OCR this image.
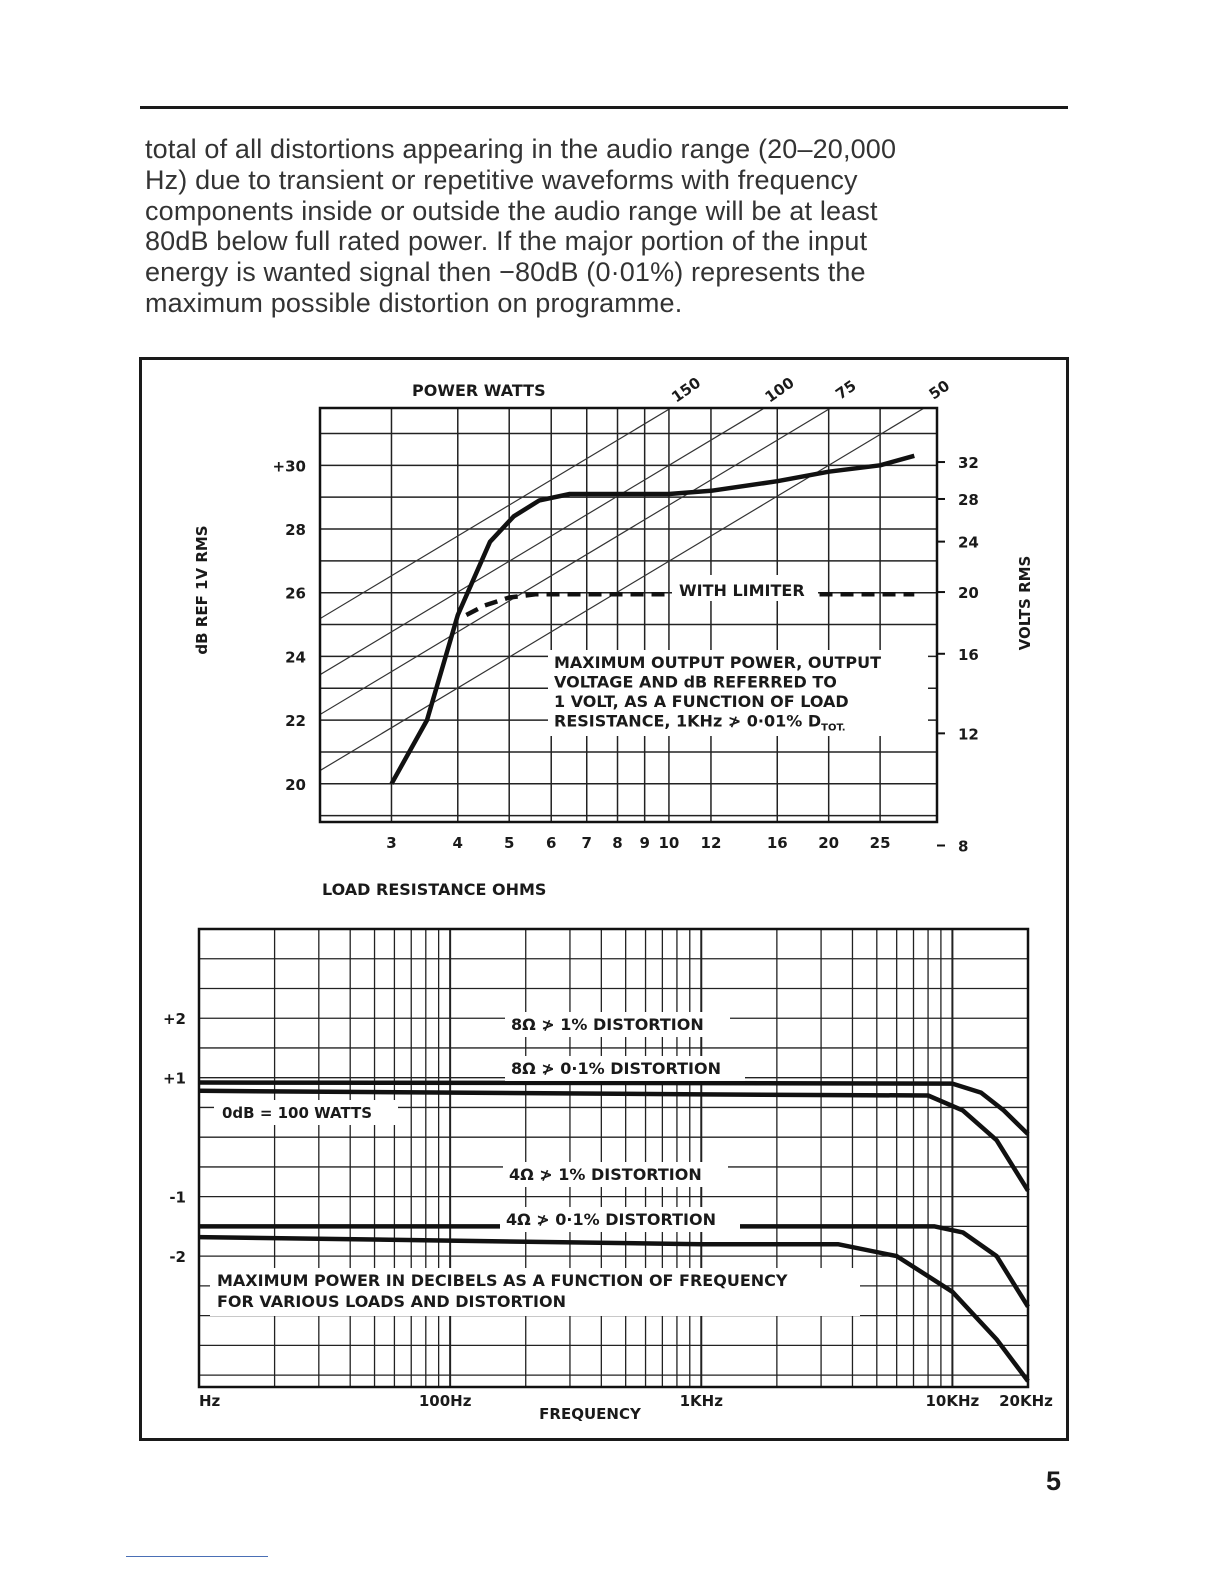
total of all distortions appearing in the audio range (20–20,000
Hz) due to transient or repetitive waveforms with frequency
components inside or outside the audio range will be at least
80dB below full rated power. If the major portion of the input
energy is wanted signal then −80dB (0·01%) represents the
maximum possible distortion on programme.
150	100 75	50
POWER WATTS
WITH LIMITER
MAXIMUM OUTPUT POWER, OUTPUT
VOLTAGE AND dB REFERRED TO
1 VOLT, AS A FUNCTION OF LOAD
RESISTANCE, 1KHz ≯ 0·01% $D_{TOT.}$
+30
28
26
24
22
20
3	4	5 6 7 8 9 10 12	16 20 25
32
28
24
20
16
12
8
LOAD RESISTANCE OHMS
dB REF 1V RMS	VOLTS RMS
8Ω ≯ 1% DISTORTION
8Ω ≯ 0·1% DISTORTION
4Ω ≯ 1% DISTORTION
4Ω ≯ 0·1% DISTORTION
0dB = 100 WATTS
MAXIMUM POWER IN DECIBELS AS A FUNCTION OF FREQUENCY
FOR VARIOUS LOADS AND DISTORTION
+2
+1
-1
-2
Hz	100Hz	1KHz	10KHz 20KHz
FREQUENCY
5
